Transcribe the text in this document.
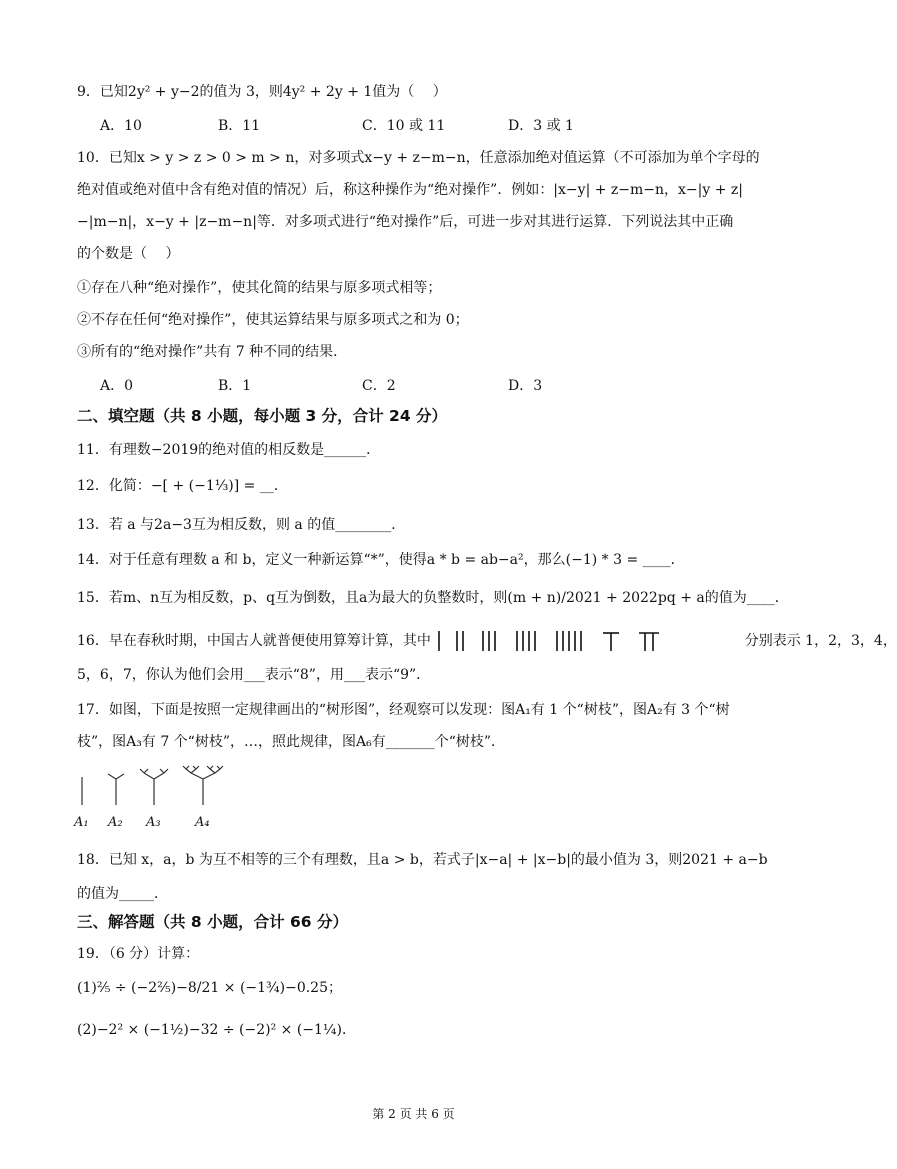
9．已知2y² + y−2的值为 3，则4y² + 2y + 1值为（　 ）
A．10	B．11	C．10 或 11	D．3 或 1
10．已知x > y > z > 0 > m > n，对多项式x−y + z−m−n，任意添加绝对值运算（不可添加为单个字母的
绝对值或绝对值中含有绝对值的情况）后，称这种操作为“绝对操作”．例如：|x−y| + z−m−n，x−|y + z|
−|m−n|，x−y + |z−m−n|等．对多项式进行“绝对操作”后，可进一步对其进行运算．下列说法其中正确
的个数是（　 ）
①存在八种“绝对操作”，使其化简的结果与原多项式相等；
②不存在任何“绝对操作”，使其运算结果与原多项式之和为 0；
③所有的“绝对操作”共有 7 种不同的结果．
A．0	B．1	C．2	D．3
二、填空题（共 8 小题，每小题 3 分，合计 24 分）
11．有理数−2019的绝对值的相反数是______．
12．化简：−[ + (−1⅓)] = __．
13．若 a 与2a−3互为相反数，则 a 的值________．
14．对于任意有理数 a 和 b，定义一种新运算“*”，使得a * b = ab−a²，那么(−1) * 3 = ____．
15．若m、n互为相反数，p、q互为倒数，且a为最大的负整数时，则(m + n)/2021 + 2022pq + a的值为____．
16．早在春秋时期，中国古人就普便使用算筹计算，其中	分别表示 1，2，3，4，
5，6，7，你认为他们会用___表示“8”，用___表示“9”．
17．如图，下面是按照一定规律画出的“树形图”，经观察可以发现：图A₁有 1 个“树枝”，图A₂有 3 个“树
枝”，图A₃有 7 个“树枝”，…，照此规律，图A₆有_______个“树枝”．
A₁ A₂ A₃	A₄
18．已知 x，a，b 为互不相等的三个有理数，且a > b，若式子|x−a| + |x−b|的最小值为 3，则2021 + a−b
的值为_____．
三、解答题（共 8 小题，合计 66 分）
19．（6 分）计算：
(1)⅖ ÷ (−2⅖)−8/21 × (−1¾)−0.25；
(2)−2² × (−1½)−32 ÷ (−2)² × (−1¼)．
第 2 页 共 6 页
